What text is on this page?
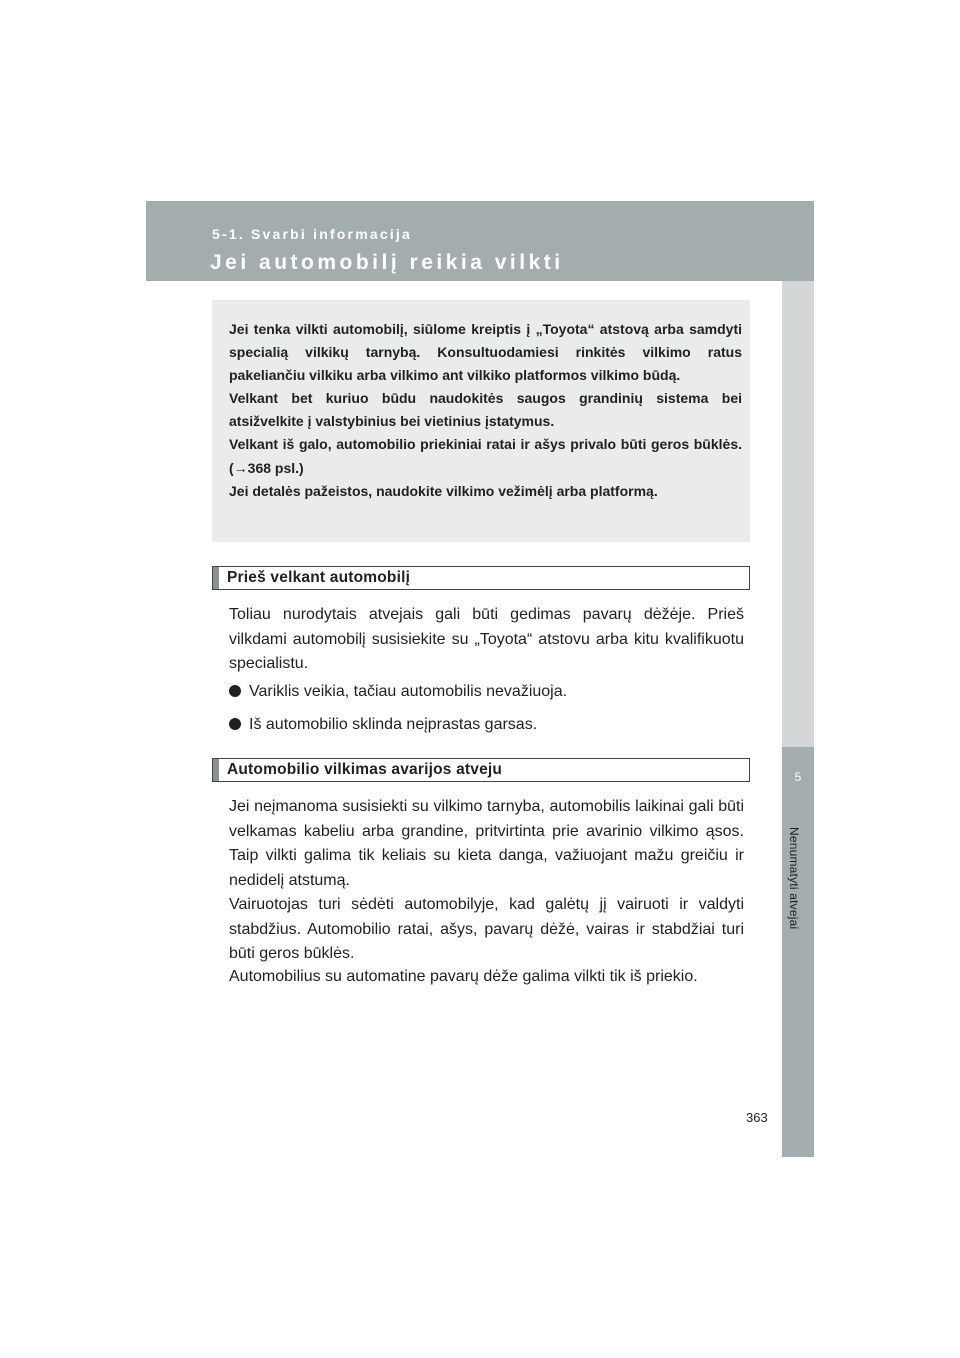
5-1. Svarbi informacija
Jei automobilį reikia vilkti
5
Nenumatyti atvejai

Jei tenka vilkti automobilį, siūlome kreiptis į „Toyota“ atstovą arba samdyti specialią vilkikų tarnybą. Konsultuodamiesi rinkitės vilkimo ratus pakeliančiu vilkiku arba vilkimo ant vilkiko platformos vilkimo būdą.

Velkant bet kuriuo būdu naudokitės saugos grandinių sistema bei atsižvelkite į valstybinius bei vietinius įstatymus.

Velkant iš galo, automobilio priekiniai ratai ir ašys privalo būti geros būklės. (→368 psl.)

Jei detalės pažeistos, naudokite vilkimo vežimėlį arba platformą.

Prieš velkant automobilį

Toliau nurodytais atvejais gali būti gedimas pavarų dėžėje. Prieš vilkdami automobilį susisiekite su „Toyota“ atstovu arba kitu kvalifikuotu specialistu.

Variklis veikia, tačiau automobilis nevažiuoja.
Iš automobilio sklinda neįprastas garsas.
Automobilio vilkimas avarijos atveju

Jei neįmanoma susisiekti su vilkimo tarnyba, automobilis laikinai gali būti velkamas kabeliu arba grandine, pritvirtinta prie avarinio vilkimo ąsos. Taip vilkti galima tik keliais su kieta danga, važiuojant mažu greičiu ir nedidelį atstumą.

Vairuotojas turi sėdėti automobilyje, kad galėtų jį vairuoti ir valdyti stabdžius. Automobilio ratai, ašys, pavarų dėžė, vairas ir stabdžiai turi būti geros būklės.

Automobilius su automatine pavarų dėže galima vilkti tik iš priekio.

363
